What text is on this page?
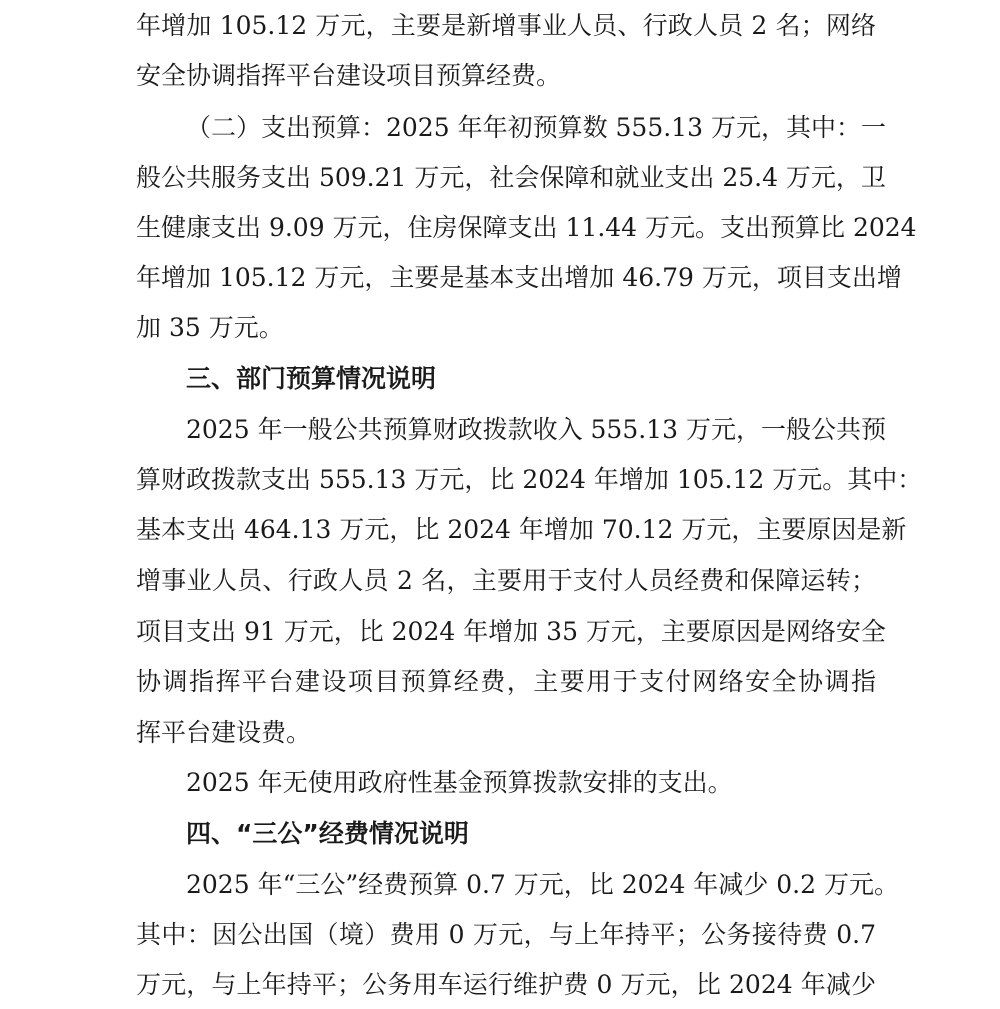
年增加 105.12 万元，主要是新增事业人员、行政人员 2 名；网络
安全协调指挥平台建设项目预算经费。
（二）支出预算：2025 年年初预算数 555.13 万元，其中：一
般公共服务支出 509.21 万元，社会保障和就业支出 25.4 万元，卫
生健康支出 9.09 万元，住房保障支出 11.44 万元。支出预算比 2024
年增加 105.12 万元，主要是基本支出增加 46.79 万元，项目支出增
加 35 万元。
三、部门预算情况说明
2025 年一般公共预算财政拨款收入 555.13 万元，一般公共预
算财政拨款支出 555.13 万元，比 2024 年增加 105.12 万元。其中：
基本支出 464.13 万元，比 2024 年增加 70.12 万元，主要原因是新
增事业人员、行政人员 2 名，主要用于支付人员经费和保障运转；
项目支出 91 万元，比 2024 年增加 35 万元，主要原因是网络安全
协调指挥平台建设项目预算经费，主要用于支付网络安全协调指
挥平台建设费。
2025 年无使用政府性基金预算拨款安排的支出。
四、“三公”经费情况说明
2025 年“三公”经费预算 0.7 万元，比 2024 年减少 0.2 万元。
其中：因公出国（境）费用 0 万元，与上年持平；公务接待费 0.7
万元，与上年持平；公务用车运行维护费 0 万元，比 2024 年减少
